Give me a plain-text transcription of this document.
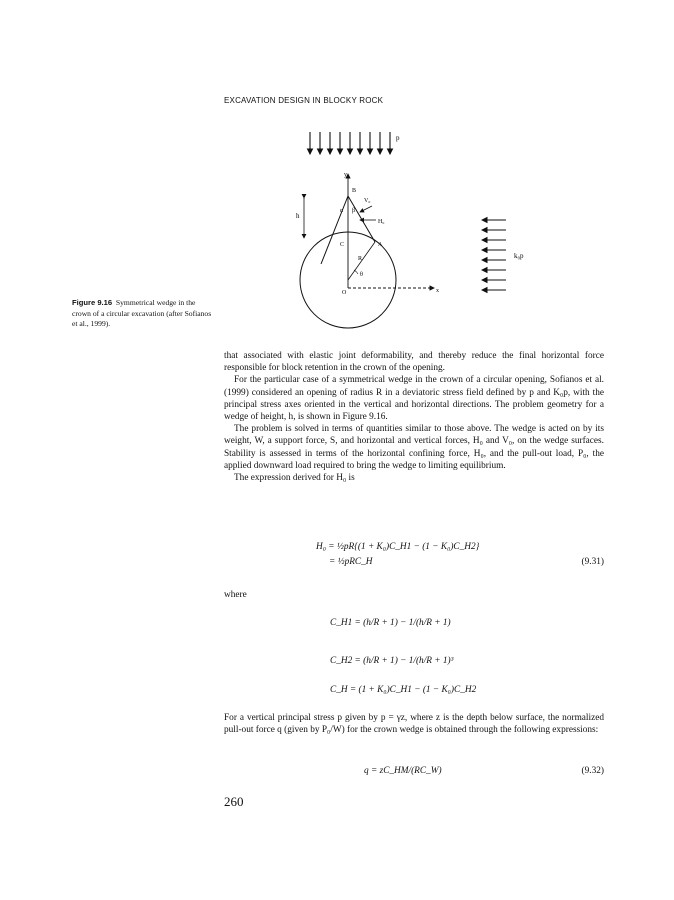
EXCAVATION DESIGN IN BLOCKY ROCK
p
k₀p
y
x
h
B
V₀
H₀
α β
A
C
R
θ
O
Figure 9.16 Symmetrical wedge in the crown of a circular excavation (after Sofianos et al., 1999).

that associated with elastic joint deformability, and thereby reduce the final horizontal force responsible for block retention in the crown of the opening.

For the particular case of a symmetrical wedge in the crown of a circular opening, Sofianos et al. (1999) considered an opening of radius R in a deviatoric stress field defined by p and K₀p, with the principal stress axes oriented in the vertical and horizontal directions. The problem geometry for a wedge of height, h, is shown in Figure 9.16.

The problem is solved in terms of quantities similar to those above. The wedge is acted on by its weight, W, a support force, S, and horizontal and vertical forces, H₀ and V₀, on the wedge surfaces. Stability is assessed in terms of the horizontal confining force, H₀, and the pull-out load, P₀, the applied downward load required to bring the wedge to limiting equilibrium.

The expression derived for H₀ is

H₀ = ½pR{(1 + K₀)C_H1 − (1 − K₀)C_H2}
= ½pRC_H	(9.31)
where
C_H1 = (h/R + 1) − 1/(h/R + 1)
C_H2 = (h/R + 1) − 1/(h/R + 1)³
C_H = (1 + K₀)C_H1 − (1 − K₀)C_H2

For a vertical principal stress p given by p = γz, where z is the depth below surface, the normalized pull-out force q (given by P₀/W) for the crown wedge is obtained through the following expressions:

q = zC_HM/(RC_W)	(9.32)
260
